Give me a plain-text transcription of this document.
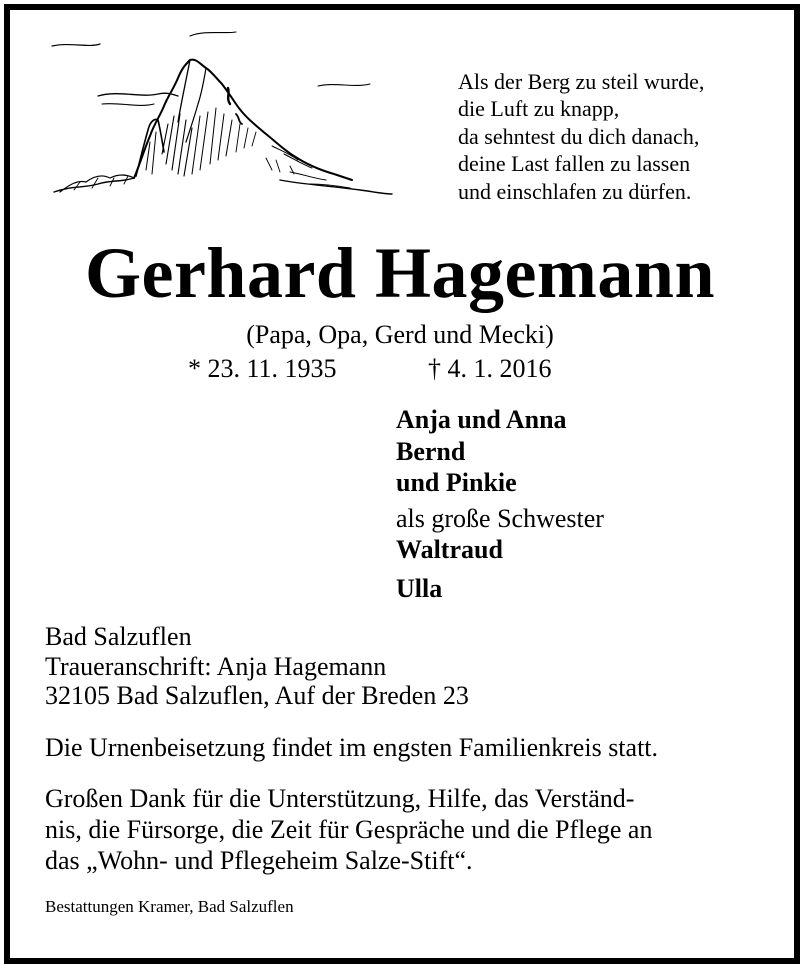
Als der Berg zu steil wurde,
die Luft zu knapp,
da sehntest du dich danach,
deine Last fallen zu lassen
und einschlafen zu dürfen.
Gerhard Hagemann
(Papa, Opa, Gerd und Mecki)
* 23. 11. 1935	† 4. 1. 2016
Anja und Anna
Bernd
und Pinkie
als große Schwester
Waltraud
Ulla
Bad Salzuflen
Traueranschrift: Anja Hagemann
32105 Bad Salzuflen, Auf der Breden 23
Die Urnenbeisetzung findet im engsten Familienkreis statt.
Großen Dank für die Unterstützung, Hilfe, das Verständ-
nis, die Fürsorge, die Zeit für Gespräche und die Pflege an
das „Wohn- und Pflegeheim Salze-Stift“.
Bestattungen Kramer, Bad Salzuflen
